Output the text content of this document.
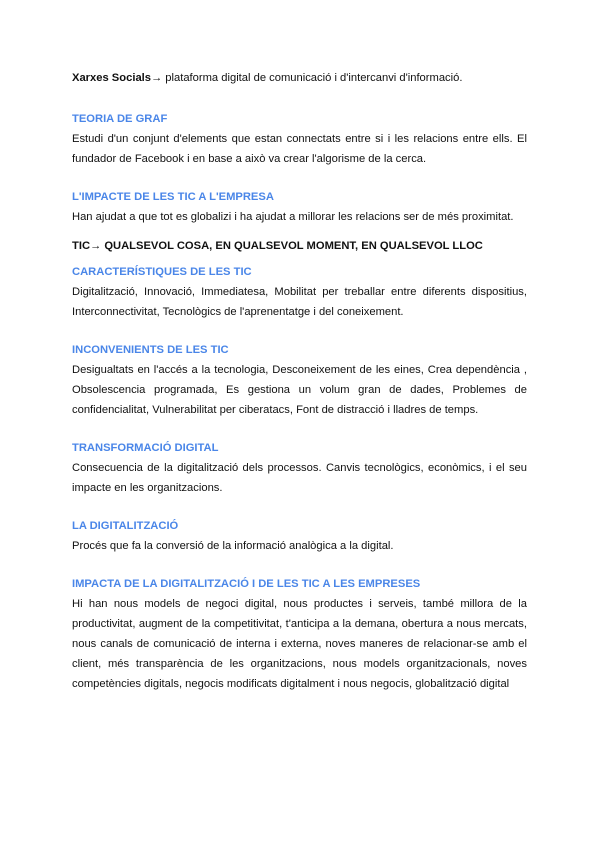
Xarxes Socials→ plataforma digital de comunicació i d'intercanvi d'informació.

TEORIA DE GRAF

Estudi d'un conjunt d'elements que estan connectats entre si i les relacions entre ells. El fundador de Facebook i en base a això va crear l'algorisme de la cerca.

L'IMPACTE DE LES TIC A L'EMPRESA

Han ajudat a que tot es globalizi i ha ajudat a millorar les relacions ser de més proximitat.

TIC→ QUALSEVOL COSA, EN QUALSEVOL MOMENT, EN QUALSEVOL LLOC

CARACTERÍSTIQUES DE LES TIC

Digitalització, Innovació, Immediatesa, Mobilitat per treballar entre diferents dispositius, Interconnectivitat, Tecnològics de l'aprenentatge i del coneixement.

INCONVENIENTS DE LES TIC

Desigualtats en l'accés a la tecnologia, Desconeixement de les eines, Crea dependència , Obsolescencia programada, Es gestiona un volum gran de dades, Problemes de confidencialitat, Vulnerabilitat per ciberatacs, Font de distracció i lladres de temps.

TRANSFORMACIÓ DIGITAL

Consecuencia de la digitalització dels processos. Canvis tecnològics, econòmics, i el seu impacte en les organitzacions.

LA DIGITALITZACIÓ

Procés que fa la conversió de la informació analògica a la digital.

IMPACTA DE LA DIGITALITZACIÓ I DE LES TIC A LES EMPRESES

Hi han nous models de negoci digital, nous productes i serveis, també millora de la productivitat, augment de la competitivitat, t'anticipa a la demana, obertura a nous mercats, nous canals de comunicació de interna i externa, noves maneres de relacionar-se amb el client, més transparència de les organitzacions, nous models organitzacionals, noves competències digitals, negocis modificats digitalment i nous negocis, globalització digital
